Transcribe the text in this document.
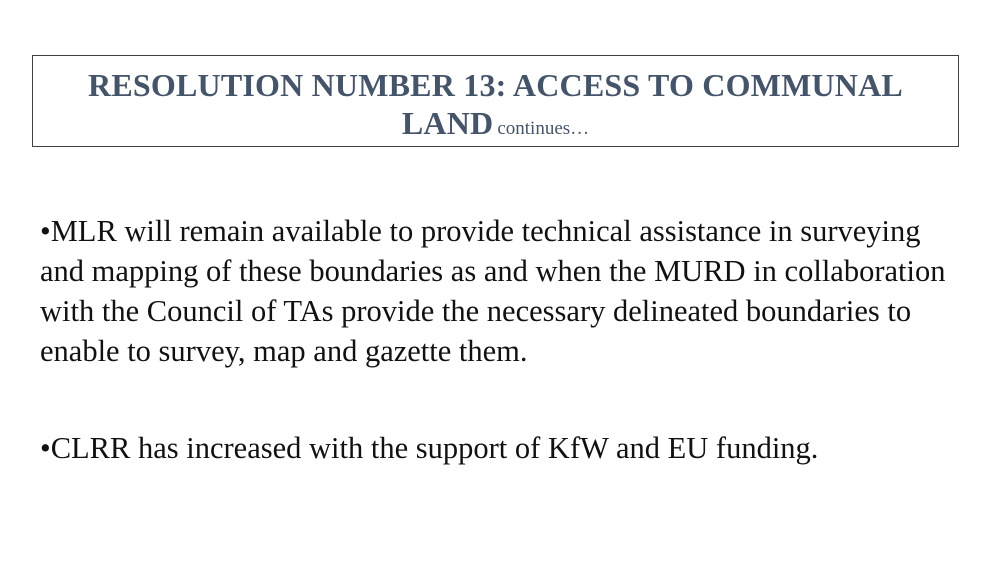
RESOLUTION NUMBER 13: ACCESS TO COMMUNAL
LAND continues…
•MLR will remain available to provide technical assistance in surveying and mapping of these boundaries as and when the MURD in collaboration with the Council of TAs provide the necessary delineated boundaries to enable to survey, map and gazette them.
•CLRR has increased with the support of KfW and EU funding.
